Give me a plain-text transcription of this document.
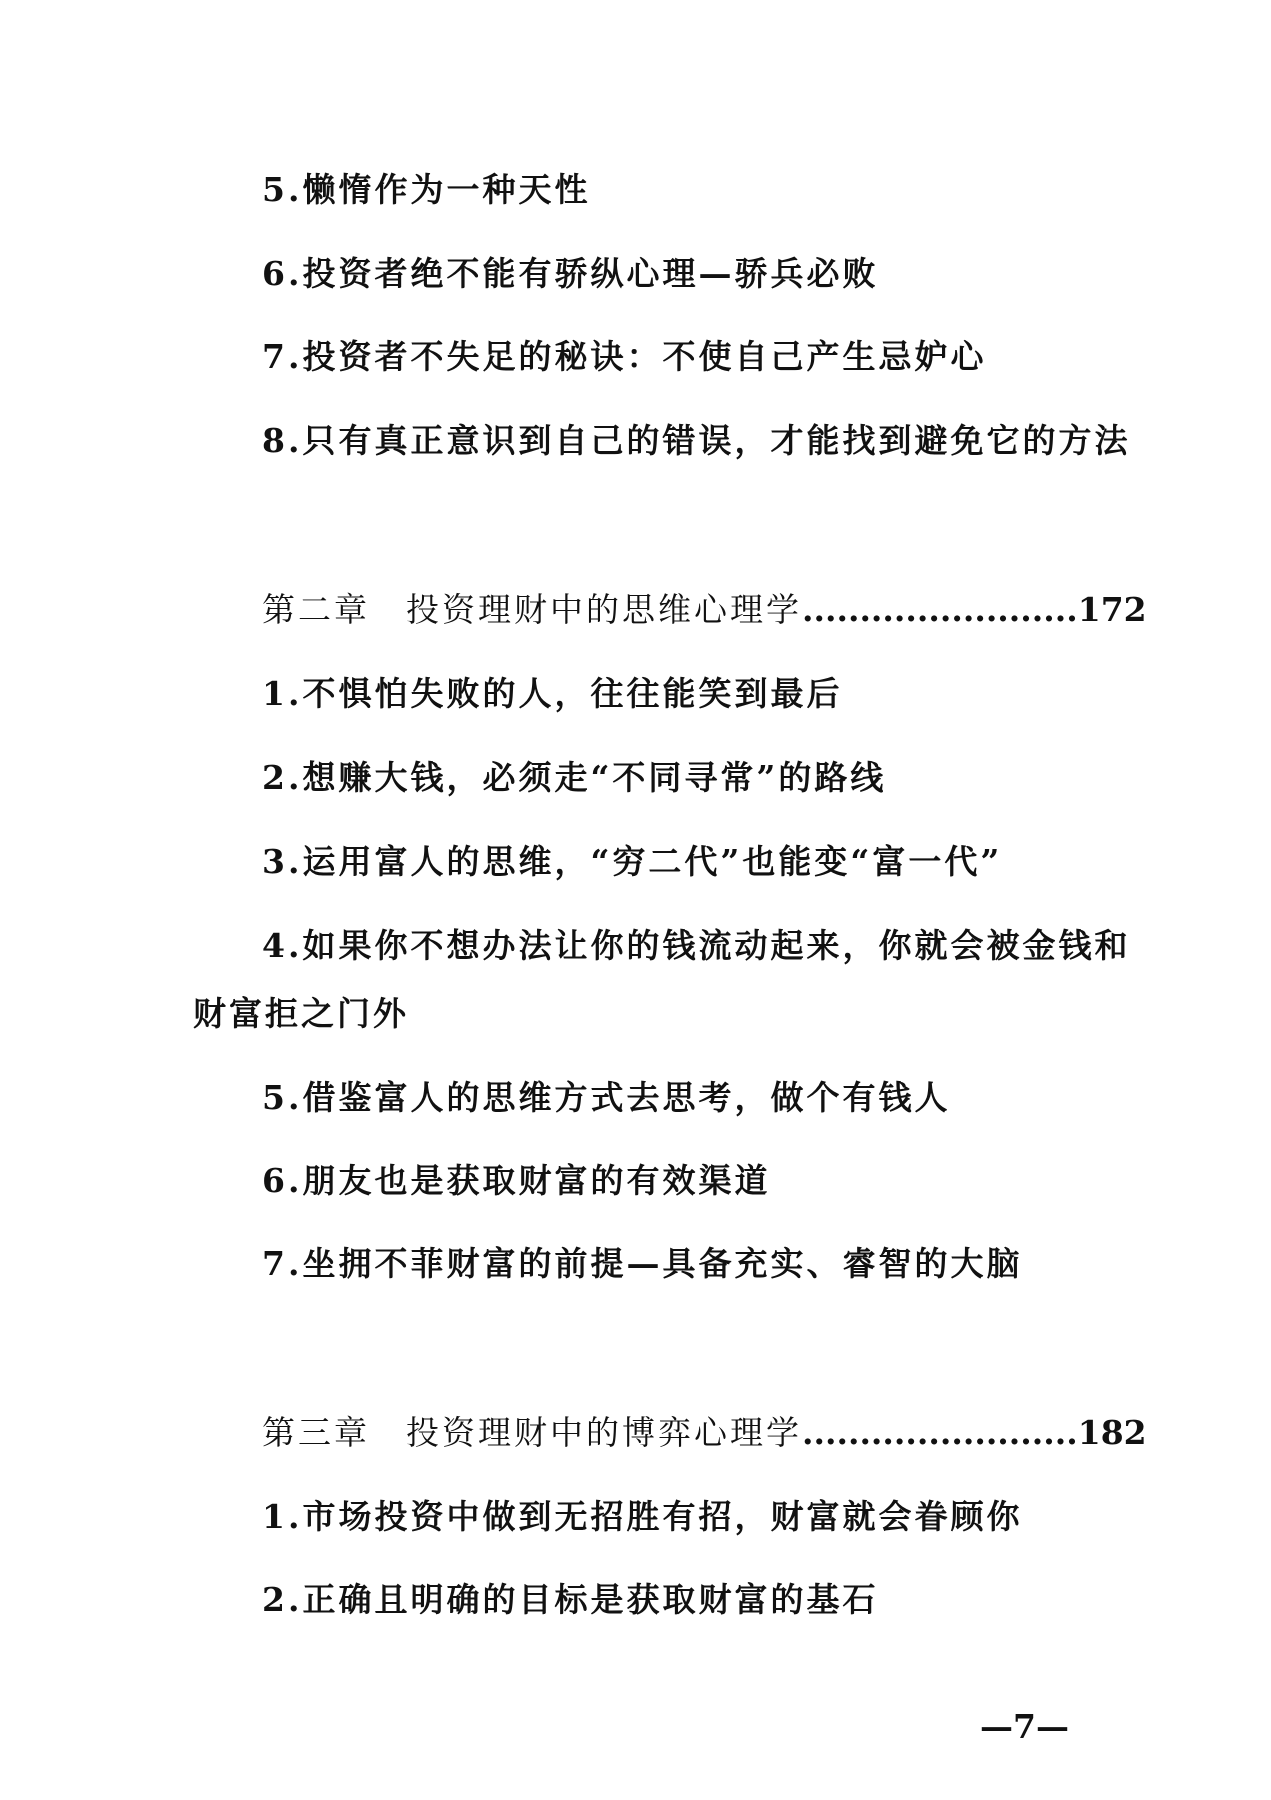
5.懒惰作为一种天性
6.投资者绝不能有骄纵心理—骄兵必败
7.投资者不失足的秘诀：不使自己产生忌妒心
8.只有真正意识到自己的错误，才能找到避免它的方法
第二章 投资理财中的思维心理学 ........................ 172
1.不惧怕失败的人，往往能笑到最后
2.想赚大钱，必须走“不同寻常”的路线
3.运用富人的思维，“穷二代”也能变“富一代”
4.如果你不想办法让你的钱流动起来，你就会被金钱和
财富拒之门外
5.借鉴富人的思维方式去思考，做个有钱人
6.朋友也是获取财富的有效渠道
7.坐拥不菲财富的前提—具备充实、睿智的大脑
第三章 投资理财中的博弈心理学 ........................ 182
1.市场投资中做到无招胜有招，财富就会眷顾你
2.正确且明确的目标是获取财富的基石
—7—
